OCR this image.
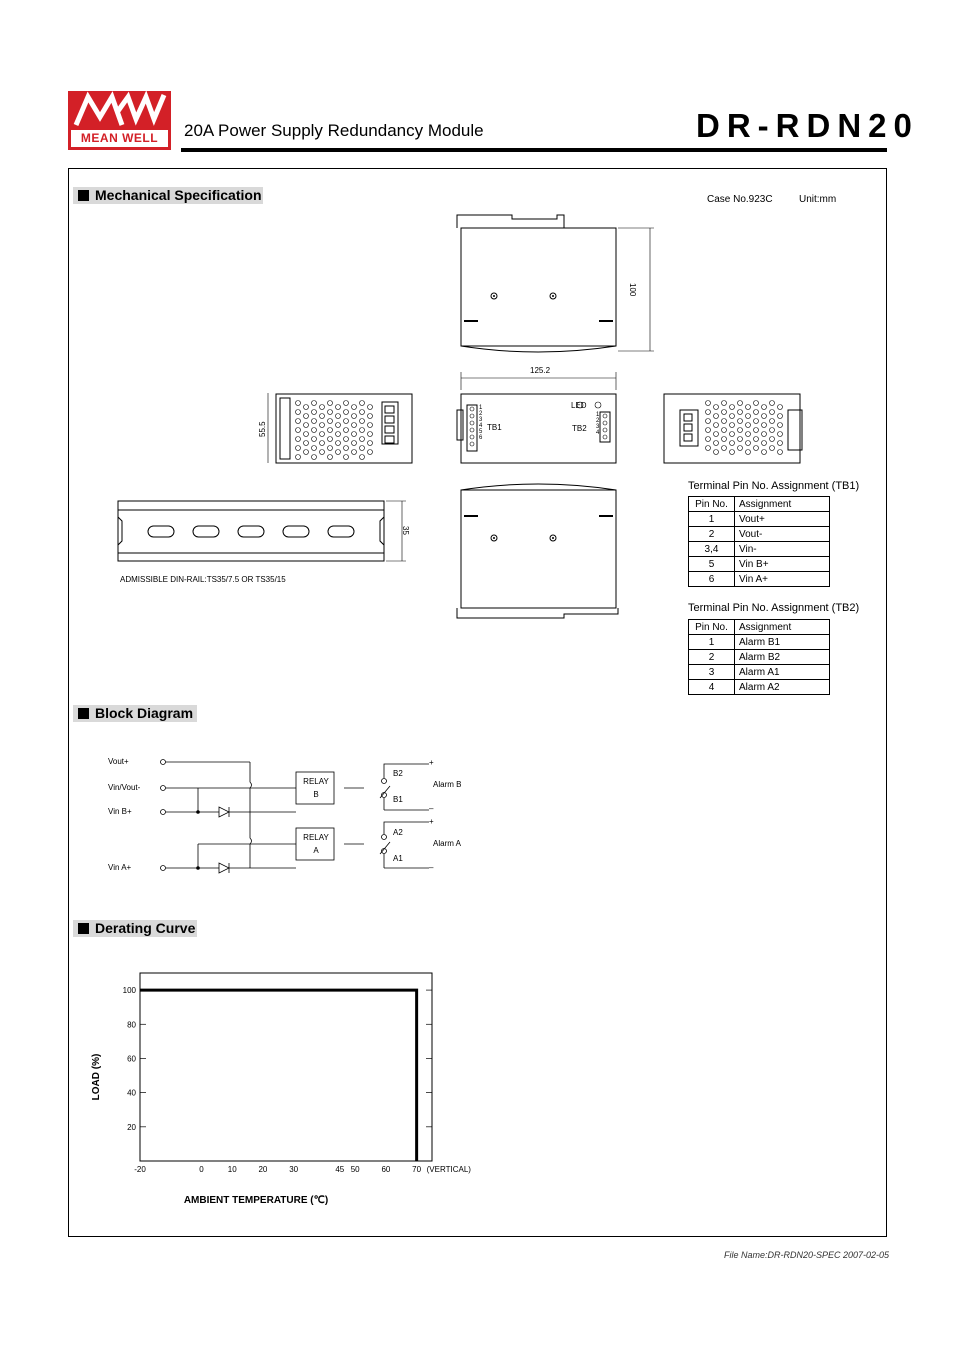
MEAN WELL	20A Power Supply Redundancy Module	DR-RDN20
Mechanical Specification	Case No.923C	Unit:mm
100
125.2
55.5
1
2
3
4
5
6
1
2
3
4
TB1
LED
TB2
35
ADMISSIBLE DIN-RAIL:TS35/7.5 OR TS35/15
Terminal Pin No. Assignment (TB1)
Pin No.	Assignment
1	Vout+
2	Vout-
3,4	Vin-
5	Vin B+
6	Vin A+
Terminal Pin No. Assignment (TB2)
Pin No.	Assignment
1	Alarm B1
2	Alarm B2
3	Alarm A1
4	Alarm A2
Block Diagram
Vout+
Vin/Vout-
Vin B+
Vin A+
RELAY
B
RELAY
A
B2
B1
A2
A1
Alarm B
Alarm A
+
–
+
–
Derating Curve
20
40
60
80
100
-20	0	10	20	30	45 50	60	70 (VERTICAL)
AMBIENT TEMPERATURE (℃)
LOAD (%)
File Name:DR-RDN20-SPEC 2007-02-05
